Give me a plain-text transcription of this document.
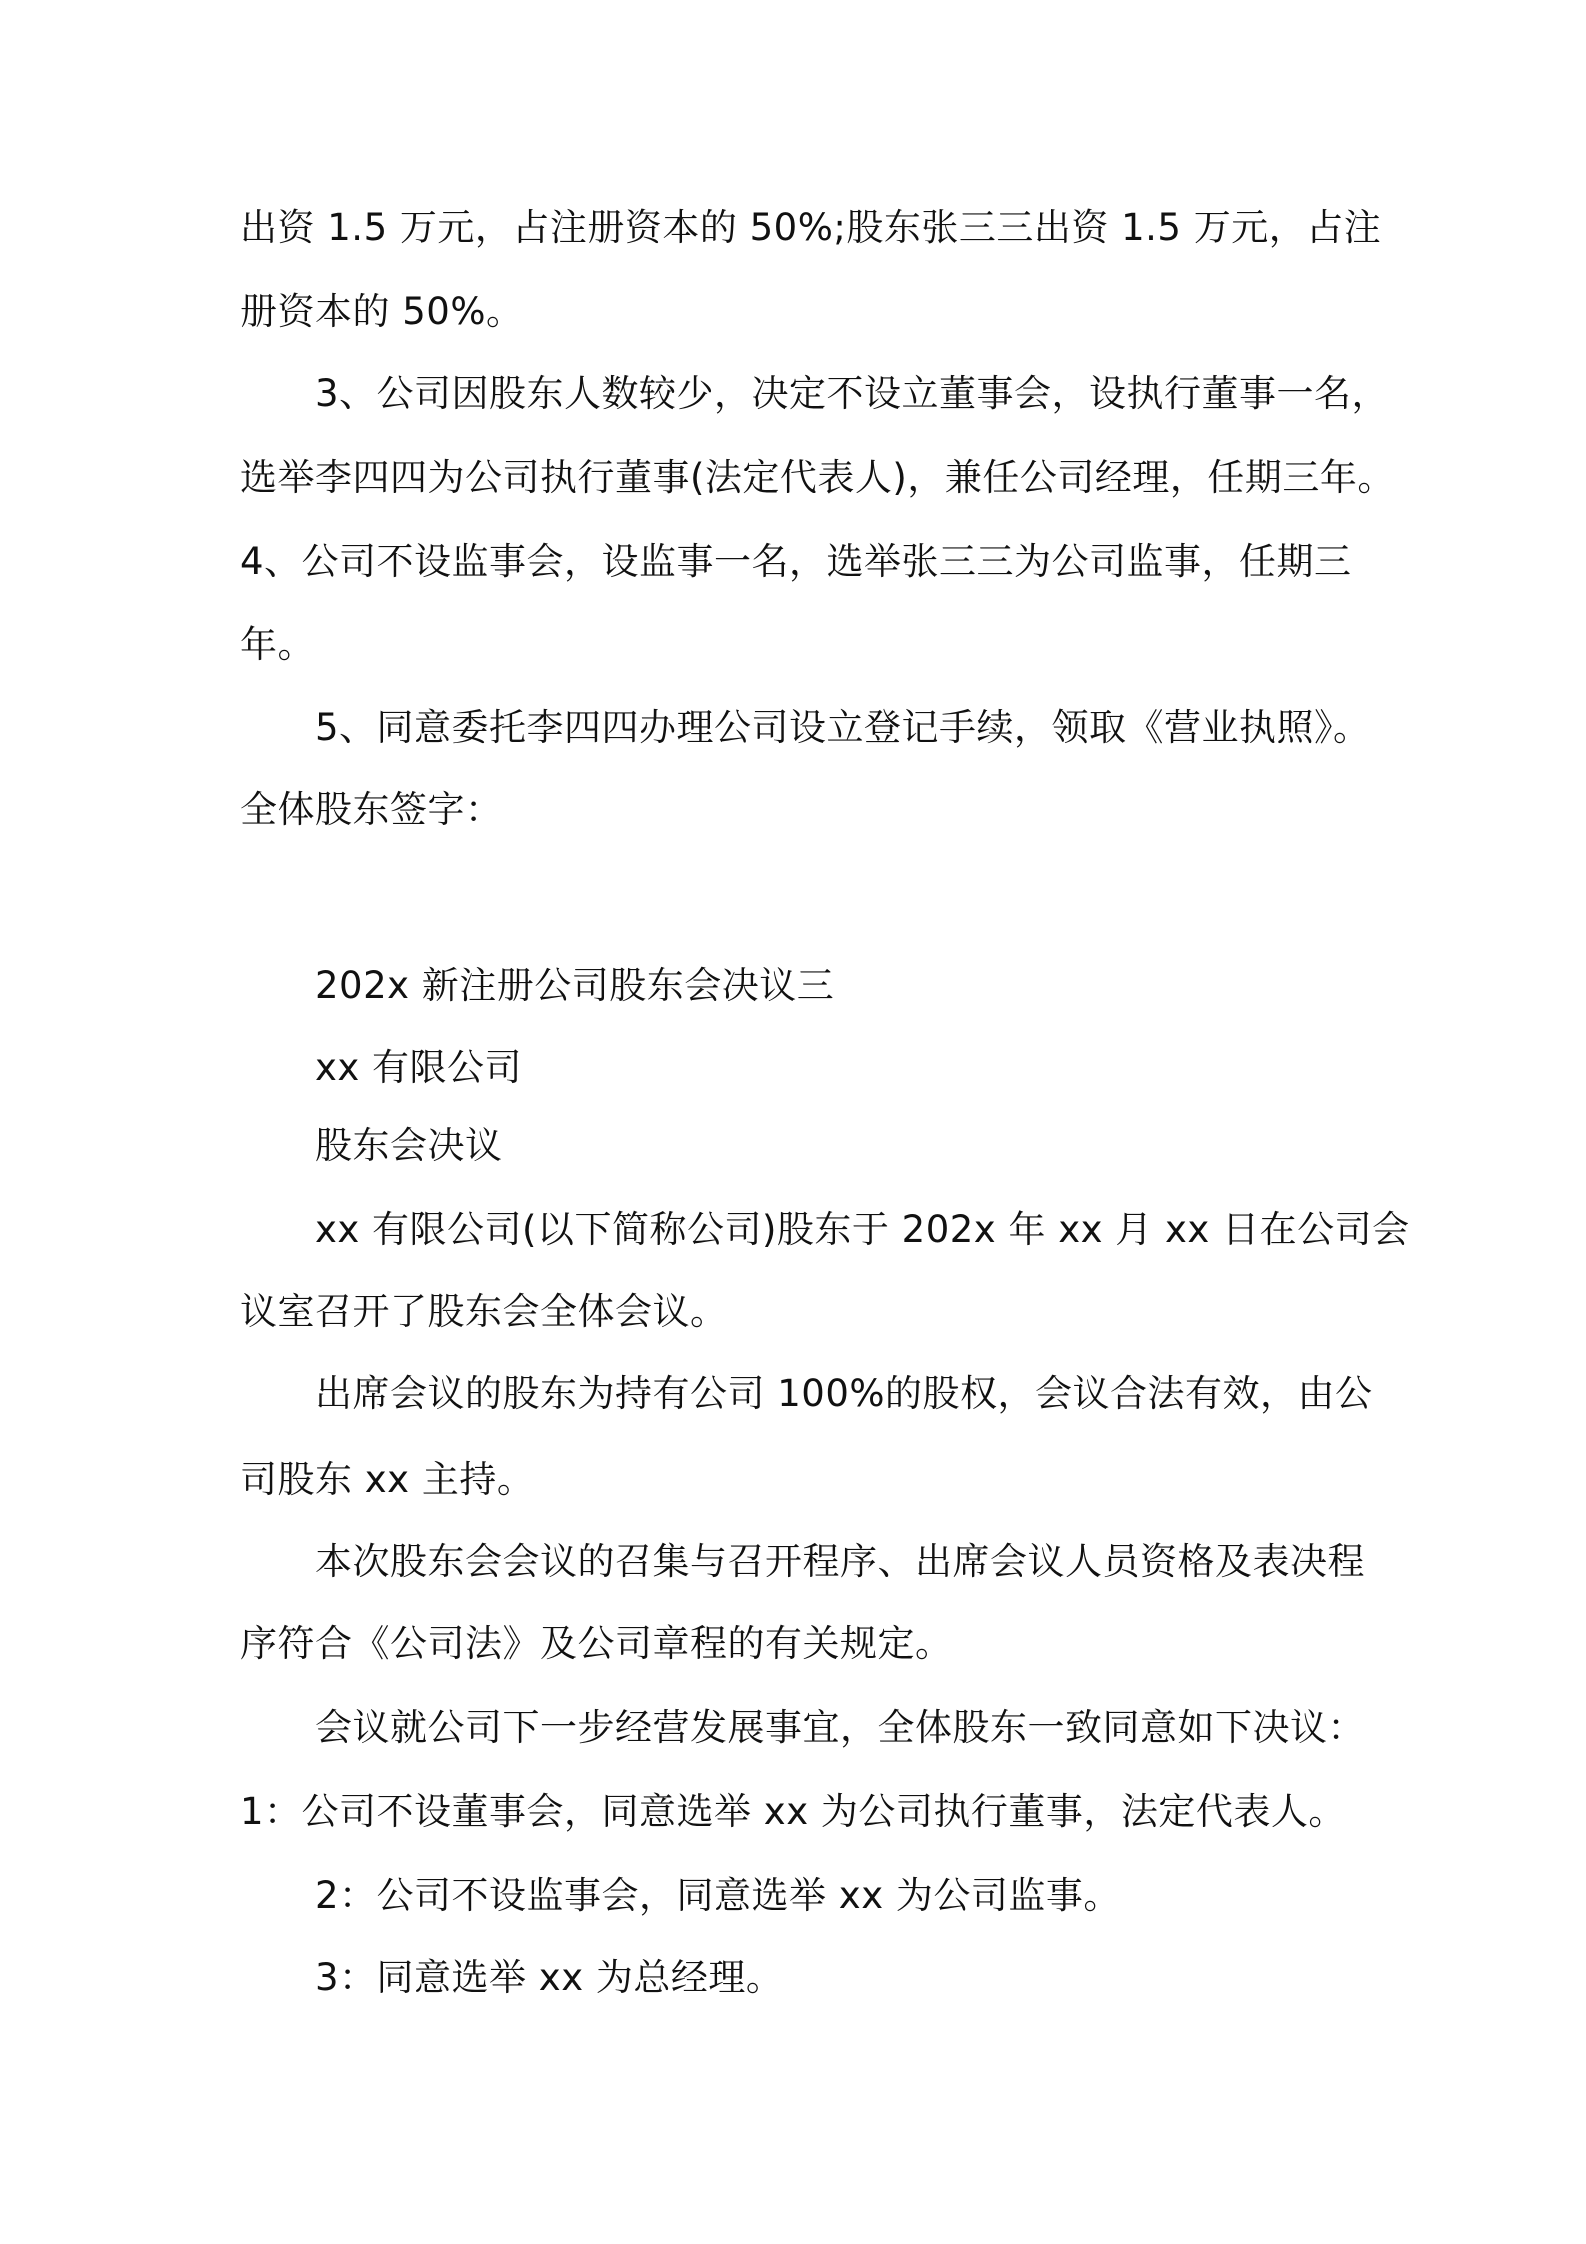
出资 1.5 万元，占注册资本的 50%;股东张三三出资 1.5 万元，占注
册资本的 50%。
3、公司因股东人数较少，决定不设立董事会，设执行董事一名，
选举李四四为公司执行董事(法定代表人)，兼任公司经理，任期三年。
4、公司不设监事会，设监事一名，选举张三三为公司监事，任期三
年。
5、同意委托李四四办理公司设立登记手续，领取《营业执照》。
全体股东签字：
202x 新注册公司股东会决议三
xx 有限公司
股东会决议
xx 有限公司(以下简称公司)股东于 202x 年 xx 月 xx 日在公司会
议室召开了股东会全体会议。
出席会议的股东为持有公司 100%的股权，会议合法有效，由公
司股东 xx 主持。
本次股东会会议的召集与召开程序、出席会议人员资格及表决程
序符合《公司法》及公司章程的有关规定。
会议就公司下一步经营发展事宜，全体股东一致同意如下决议：
1：公司不设董事会，同意选举 xx 为公司执行董事，法定代表人。
2：公司不设监事会，同意选举 xx 为公司监事。
3：同意选举 xx 为总经理。
